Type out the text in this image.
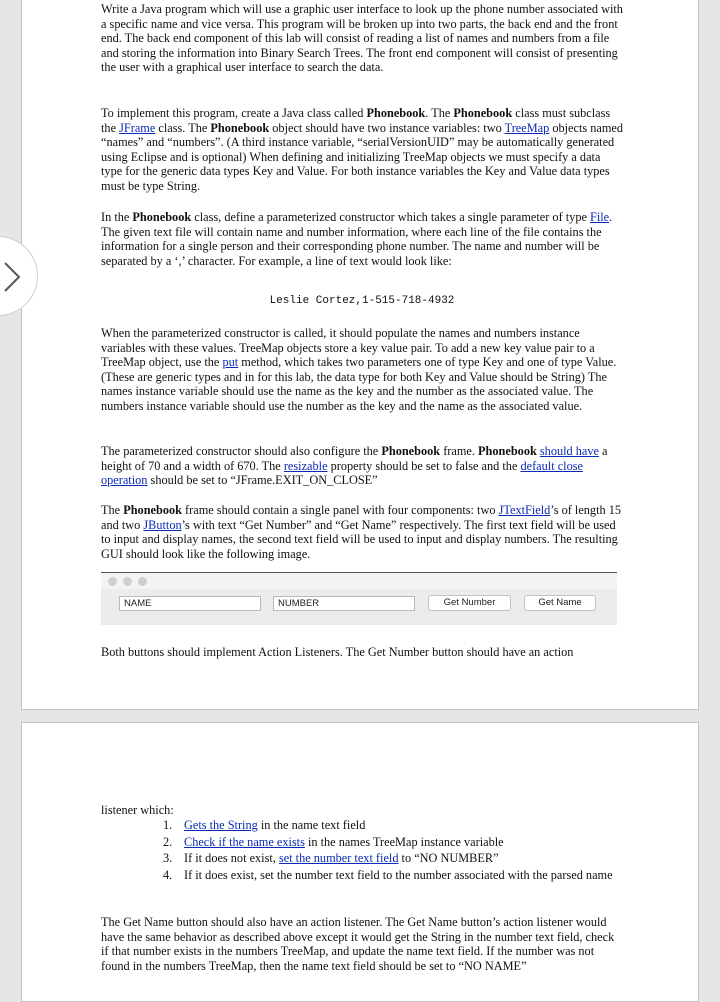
Write a Java program which will use a graphic user interface to look up the phone number associated with a specific name and vice versa. This program will be broken up into two parts, the back end and the front end. The back end component of this lab will consist of reading a list of names and numbers from a file and storing the information into Binary Search Trees. The front end component will consist of presenting the user with a graphical user interface to search the data.

To implement this program, create a Java class called Phonebook. The Phonebook class must subclass the JFrame class. The Phonebook object should have two instance variables: two TreeMap objects named “names” and “numbers”. (A third instance variable, “serialVersionUID” may be automatically generated using Eclipse and is optional) When defining and initializing TreeMap objects we must specify a data type for the generic data types Key and Value. For both instance variables the Key and Value data types must be type String.

In the Phonebook class, define a parameterized constructor which takes a single parameter of type File. The given text file will contain name and number information, where each line of the file contains the information for a single person and their corresponding phone number. The name and number will be separated by a ‘,’ character. For example, a line of text would look like:

Leslie Cortez,1-515-718-4932

When the parameterized constructor is called, it should populate the names and numbers instance variables with these values. TreeMap objects store a key value pair. To add a new key value pair to a TreeMap object, use the put method, which takes two parameters one of type Key and one of type Value. (These are generic types and in for this lab, the data type for both Key and Value should be String) The names instance variable should use the name as the key and the number as the associated value. The numbers instance variable should use the number as the key and the name as the associated value.

The parameterized constructor should also configure the Phonebook frame. Phonebook should have a height of 70 and a width of 670. The resizable property should be set to false and the default close operation should be set to “JFrame.EXIT_ON_CLOSE”

The Phonebook frame should contain a single panel with four components: two JTextField’s of length 15 and two JButton’s with text “Get Number” and “Get Name” respectively. The first text field will be used to input and display names, the second text field will be used to input and display numbers. The resulting GUI should look like the following image.

NAME	NUMBER	Get Number	Get Name

Both buttons should implement Action Listeners. The Get Number button should have an action

listener which:

1. Gets the String in the name text field
2. Check if the name exists in the names TreeMap instance variable
3. If it does not exist, set the number text field to “NO NUMBER”
4. If it does exist, set the number text field to the number associated with the parsed name

The Get Name button should also have an action listener. The Get Name button’s action listener would have the same behavior as described above except it would get the String in the number text field, check if that number exists in the numbers TreeMap, and update the name text field. If the number was not found in the numbers TreeMap, then the name text field should be set to “NO NAME”
